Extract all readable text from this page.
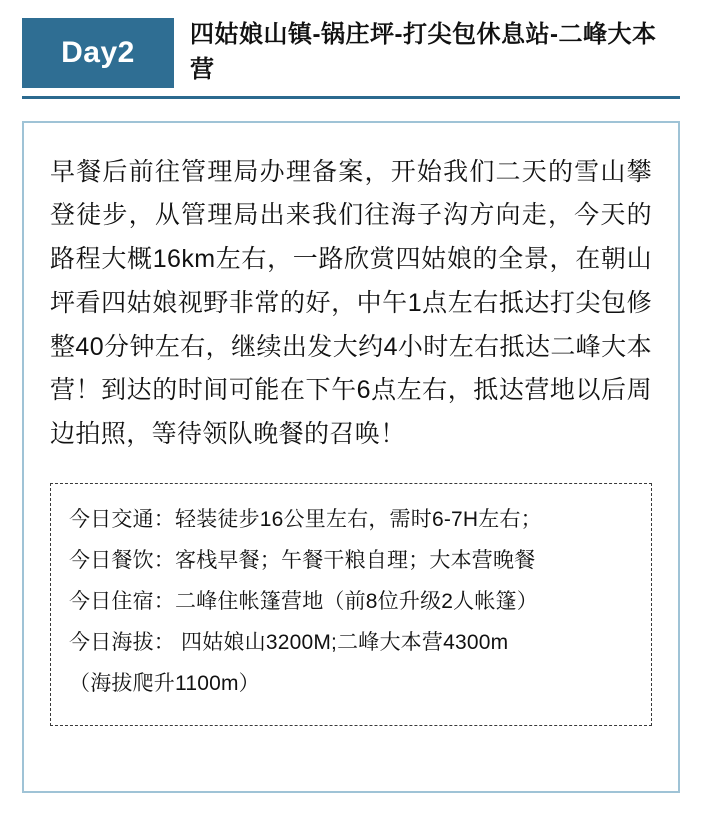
Day2
四姑娘山镇-锅庄坪-打尖包休息站-二峰大本营

早餐后前往管理局办理备案，开始我们二天的雪山攀登徒步，从管理局出来我们往海子沟方向走，今天的路程大概16km左右，一路欣赏四姑娘的全景，在朝山坪看四姑娘视野非常的好，中午1点左右抵达打尖包修整40分钟左右，继续出发大约4小时左右抵达二峰大本营！到达的时间可能在下午6点左右，抵达营地以后周边拍照，等待领队晚餐的召唤！

今日交通：轻装徒步16公里左右，需时6-7H左右；
今日餐饮：客栈早餐；午餐干粮自理；大本营晚餐
今日住宿：二峰住帐篷营地（前8位升级2人帐篷）
今日海拔： 四姑娘山3200M;二峰大本营4300m
（海拔爬升1100m）
